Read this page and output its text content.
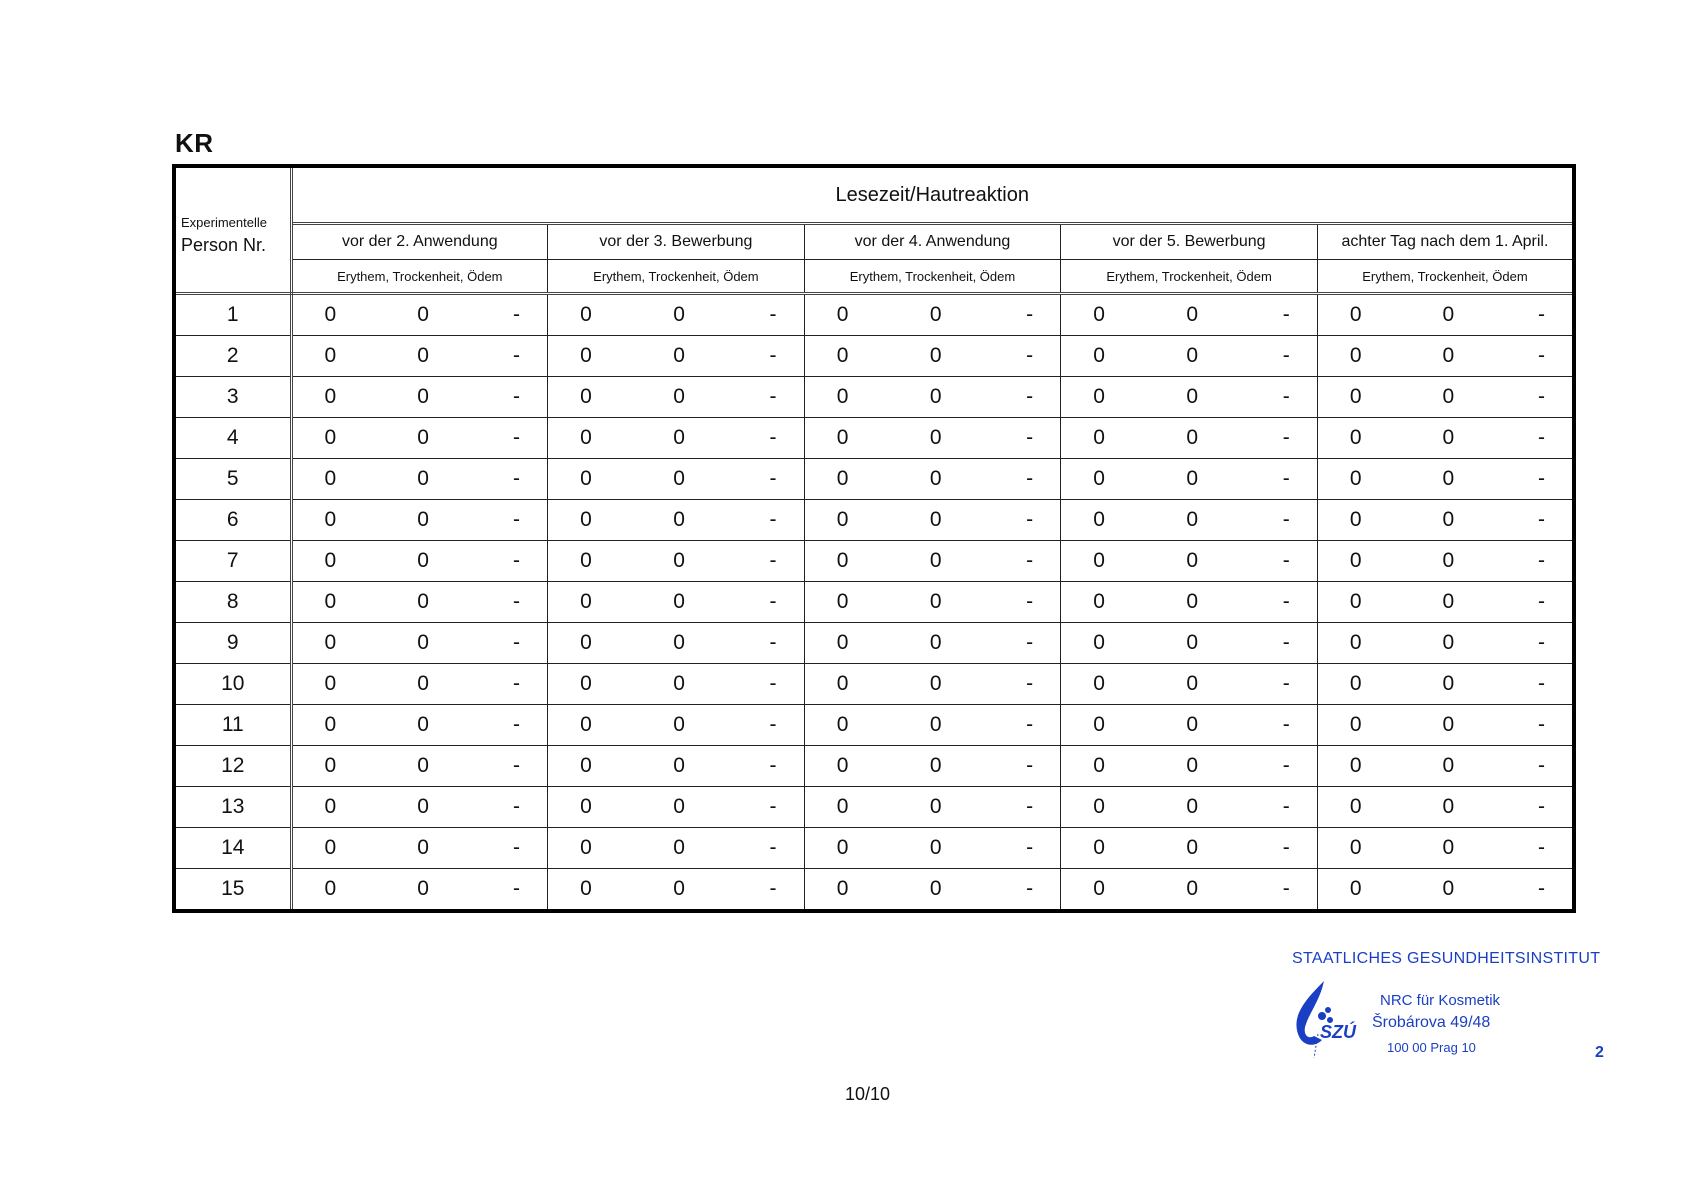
KR
Experimentelle
Person Nr.	Lesezeit/Hautreaktion				
	vor der 2. Anwendung	vor der 3. Bewerbung	vor der 4. Anwendung	vor der 5. Bewerbung	achter Tag nach dem 1. April.
	Erythem, Trockenheit, Ödem	Erythem, Trockenheit, Ödem	Erythem, Trockenheit, Ödem	Erythem, Trockenheit, Ödem	Erythem, Trockenheit, Ödem
1	0 0 -	0 0 -	0 0 -	0 0 -	0 0 -

2	0 0 -	0 0 -	0 0 -	0 0 -	0 0 -

3	0 0 -	0 0 -	0 0 -	0 0 -	0 0 -

4	0 0 -	0 0 -	0 0 -	0 0 -	0 0 -

5	0 0 -	0 0 -	0 0 -	0 0 -	0 0 -

6	0 0 -	0 0 -	0 0 -	0 0 -	0 0 -

7	0 0 -	0 0 -	0 0 -	0 0 -	0 0 -

8	0 0 -	0 0 -	0 0 -	0 0 -	0 0 -

9	0 0 -	0 0 -	0 0 -	0 0 -	0 0 -

10	0 0 -	0 0 -	0 0 -	0 0 -	0 0 -

11	0 0 -	0 0 -	0 0 -	0 0 -	0 0 -

12	0 0 -	0 0 -	0 0 -	0 0 -	0 0 -

13	0 0 -	0 0 -	0 0 -	0 0 -	0 0 -

14	0 0 -	0 0 -	0 0 -	0 0 -	0 0 -

15	0 0 -	0 0 -	0 0 -	0 0 -	0 0 -
STAATLICHES GESUNDHEITSINSTITUT
SZÚ
NRC für Kosmetik
Šrobárova 49/48
100 00 Prag 10	2
10/10
